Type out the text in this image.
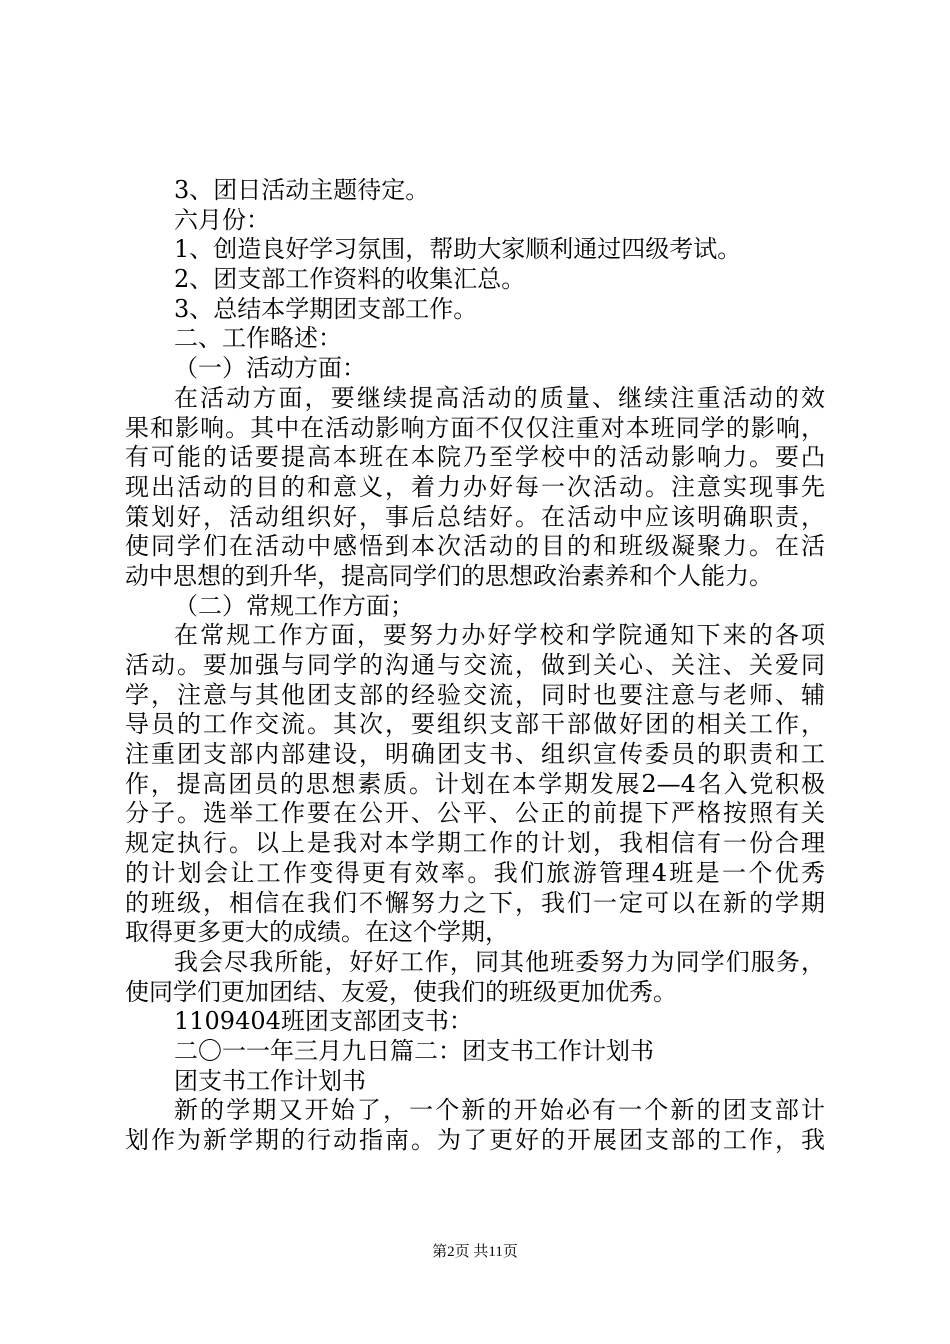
3、团日活动主题待定。
六月份：
1、创造良好学习氛围，帮助大家顺利通过四级考试。
2、团支部工作资料的收集汇总。
3、总结本学期团支部工作。
二、工作略述：
（一）活动方面：
在活动方面，要继续提高活动的质量、继续注重活动的效
果和影响。其中在活动影响方面不仅仅注重对本班同学的影响，
有可能的话要提高本班在本院乃至学校中的活动影响力。要凸
现出活动的目的和意义，着力办好每一次活动。注意实现事先
策划好，活动组织好，事后总结好。在活动中应该明确职责，
使同学们在活动中感悟到本次活动的目的和班级凝聚力。在活
动中思想的到升华，提高同学们的思想政治素养和个人能力。
（二）常规工作方面；
在常规工作方面，要努力办好学校和学院通知下来的各项
活动。要加强与同学的沟通与交流，做到关心、关注、关爱同
学，注意与其他团支部的经验交流，同时也要注意与老师、辅
导员的工作交流。其次，要组织支部干部做好团的相关工作，
注重团支部内部建设，明确团支书、组织宣传委员的职责和工
作，提高团员的思想素质。计划在本学期发展2—4名入党积极
分子。选举工作要在公开、公平、公正的前提下严格按照有关
规定执行。以上是我对本学期工作的计划，我相信有一份合理
的计划会让工作变得更有效率。我们旅游管理4班是一个优秀
的班级，相信在我们不懈努力之下，我们一定可以在新的学期
取得更多更大的成绩。在这个学期，
我会尽我所能，好好工作，同其他班委努力为同学们服务，
使同学们更加团结、友爱，使我们的班级更加优秀。
1109404班团支部团支书：
二〇一一年三月九日篇二：团支书工作计划书
团支书工作计划书
新的学期又开始了，一个新的开始必有一个新的团支部计
划作为新学期的行动指南。为了更好的开展团支部的工作，我
第2页 共11页
